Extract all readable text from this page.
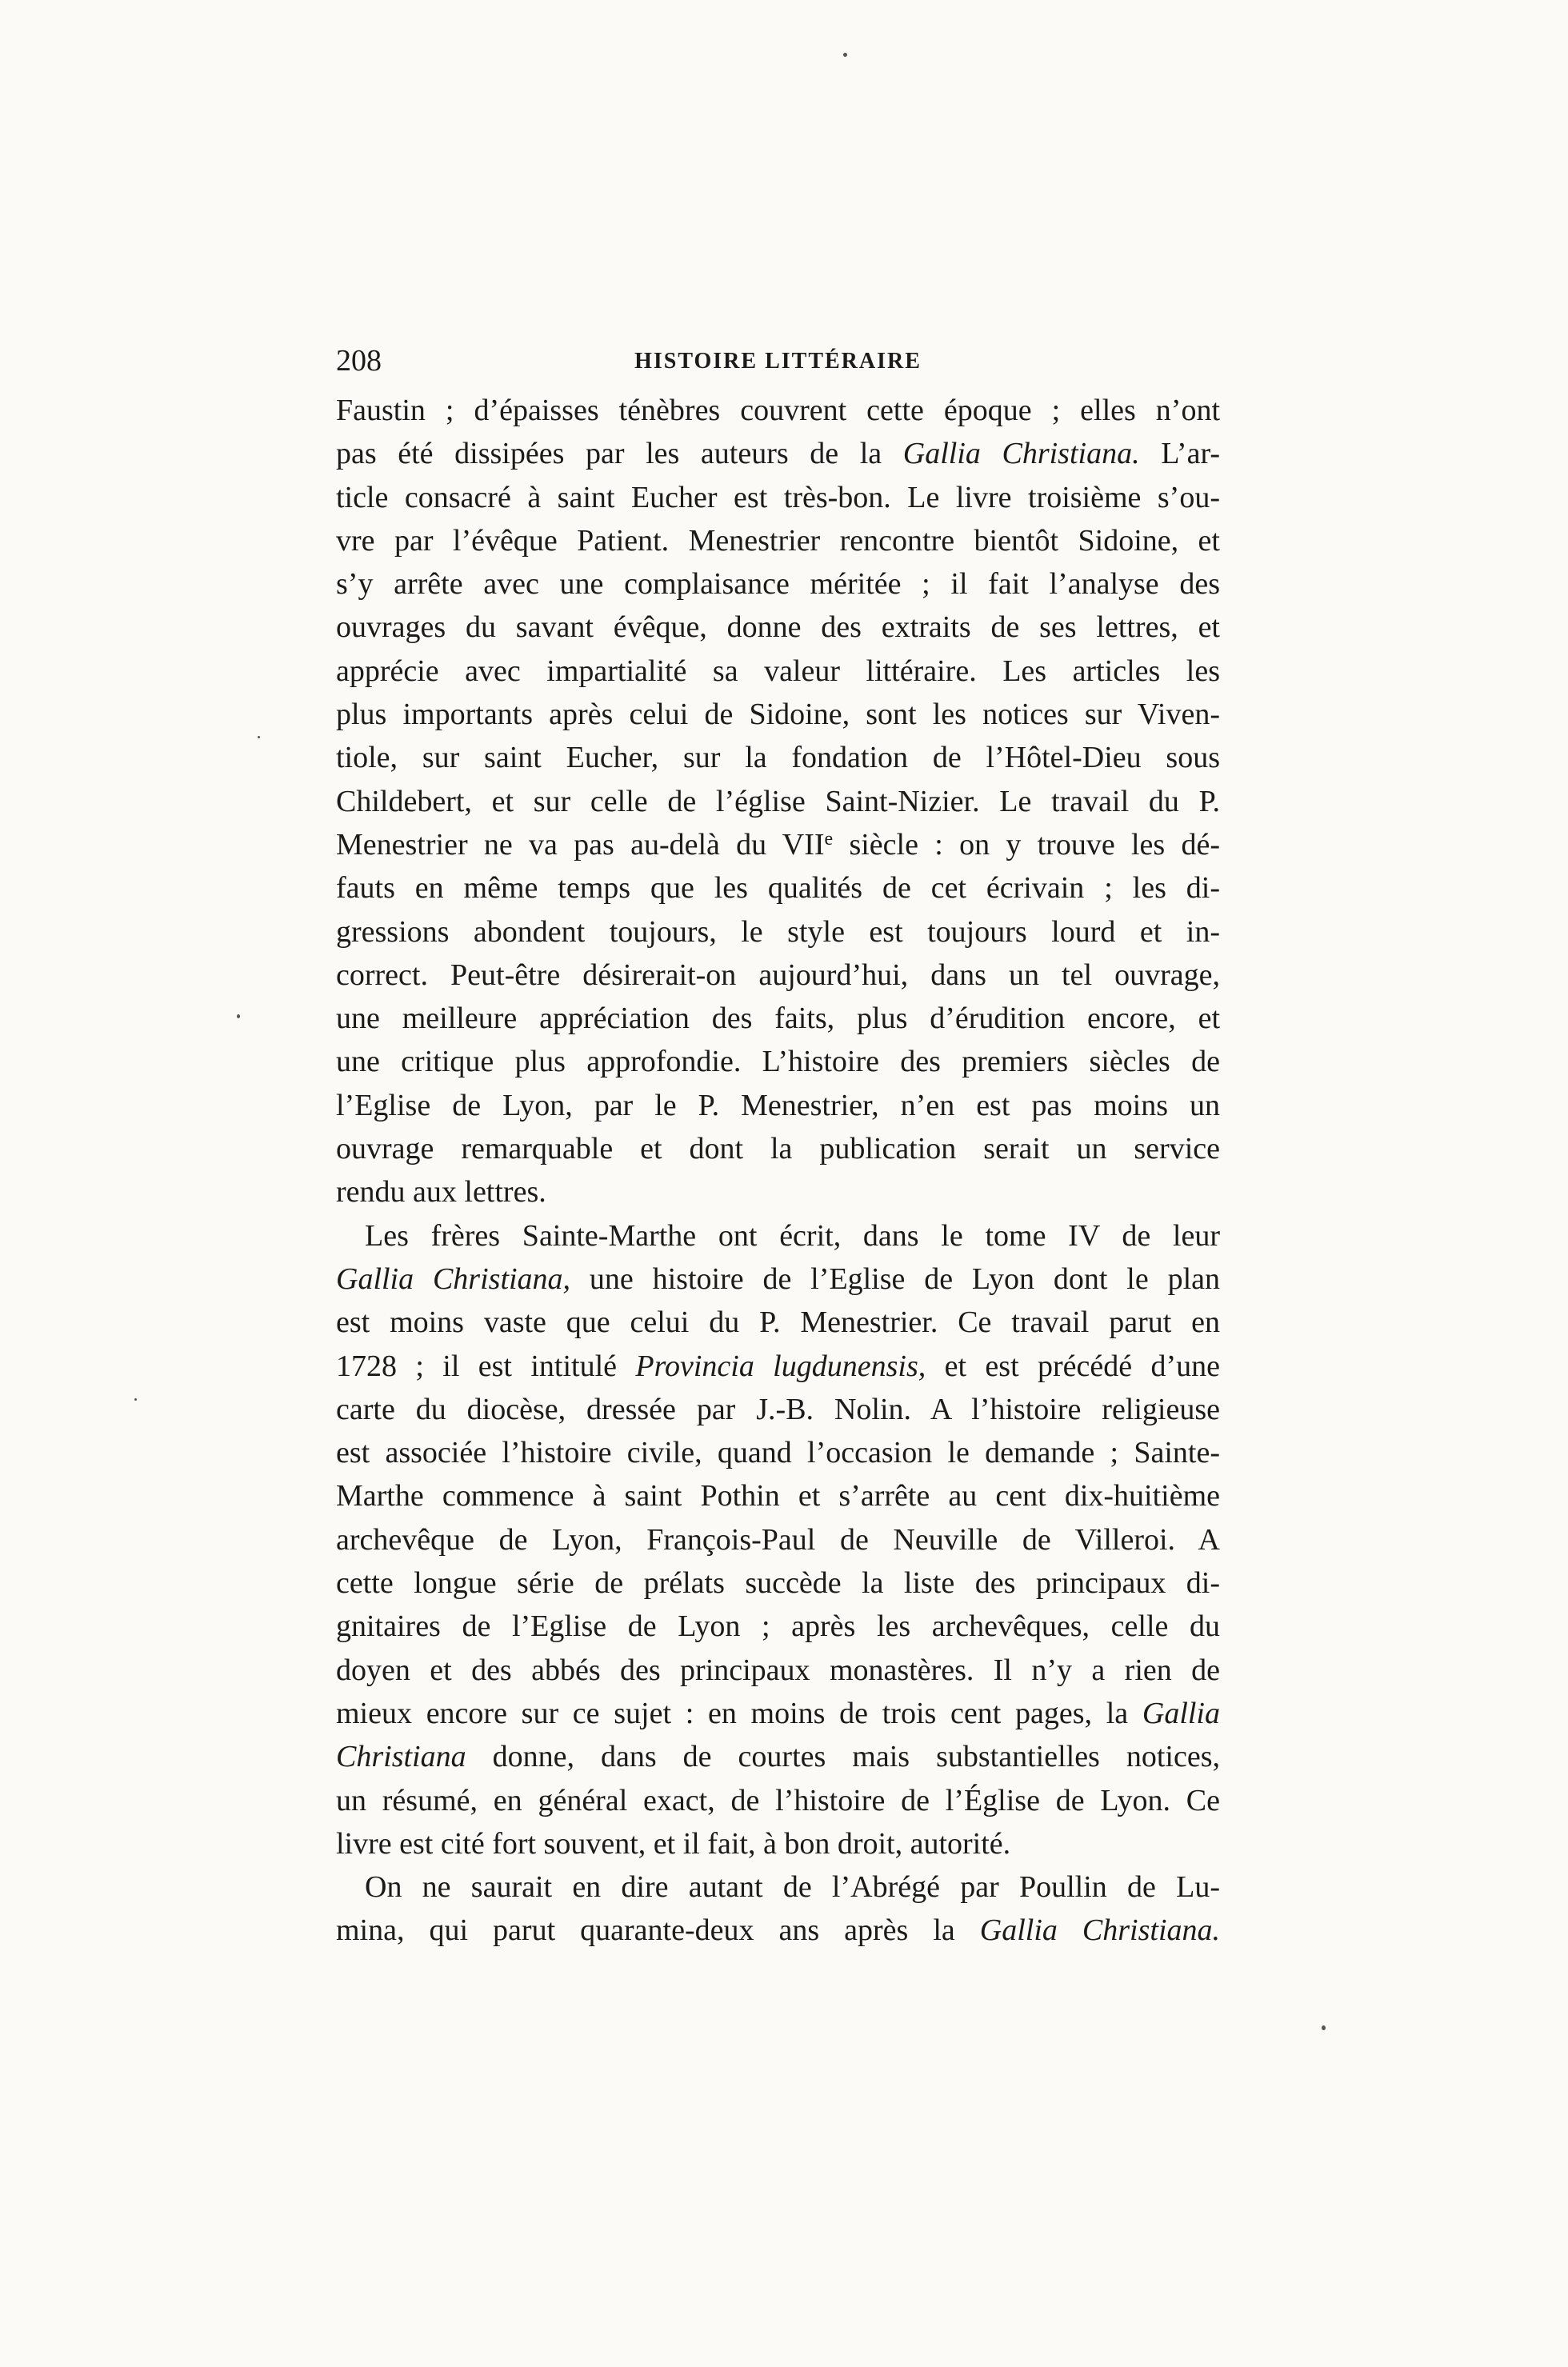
208	HISTOIRE LITTÉRAIRE
Faustin ; d’épaisses ténèbres couvrent cette époque ; elles n’ont
pas été dissipées par les auteurs de la Gallia Christiana. L’ar-
ticle consacré à saint Eucher est très-bon. Le livre troisième s’ou-
vre par l’évêque Patient. Menestrier rencontre bientôt Sidoine, et
s’y arrête avec une complaisance méritée ; il fait l’analyse des
ouvrages du savant évêque, donne des extraits de ses lettres, et
apprécie avec impartialité sa valeur littéraire. Les articles les
plus importants après celui de Sidoine, sont les notices sur Viven-
tiole, sur saint Eucher, sur la fondation de l’Hôtel-Dieu sous
Childebert, et sur celle de l’église Saint-Nizier. Le travail du P.
Menestrier ne va pas au-delà du VIIe siècle : on y trouve les dé-
fauts en même temps que les qualités de cet écrivain ; les di-
gressions abondent toujours, le style est toujours lourd et in-
correct. Peut-être désirerait-on aujourd’hui, dans un tel ouvrage,
une meilleure appréciation des faits, plus d’érudition encore, et
une critique plus approfondie. L’histoire des premiers siècles de
l’Eglise de Lyon, par le P. Menestrier, n’en est pas moins un
ouvrage remarquable et dont la publication serait un service
rendu aux lettres.
Les frères Sainte-Marthe ont écrit, dans le tome IV de leur
Gallia Christiana, une histoire de l’Eglise de Lyon dont le plan
est moins vaste que celui du P. Menestrier. Ce travail parut en
1728 ; il est intitulé Provincia lugdunensis, et est précédé d’une
carte du diocèse, dressée par J.-B. Nolin. A l’histoire religieuse
est associée l’histoire civile, quand l’occasion le demande ; Sainte-
Marthe commence à saint Pothin et s’arrête au cent dix-huitième
archevêque de Lyon, François-Paul de Neuville de Villeroi. A
cette longue série de prélats succède la liste des principaux di-
gnitaires de l’Eglise de Lyon ; après les archevêques, celle du
doyen et des abbés des principaux monastères. Il n’y a rien de
mieux encore sur ce sujet : en moins de trois cent pages, la Gallia
Christiana donne, dans de courtes mais substantielles notices,
un résumé, en général exact, de l’histoire de l’Église de Lyon. Ce
livre est cité fort souvent, et il fait, à bon droit, autorité.
On ne saurait en dire autant de l’Abrégé par Poullin de Lu-
mina, qui parut quarante-deux ans après la Gallia Christiana.
